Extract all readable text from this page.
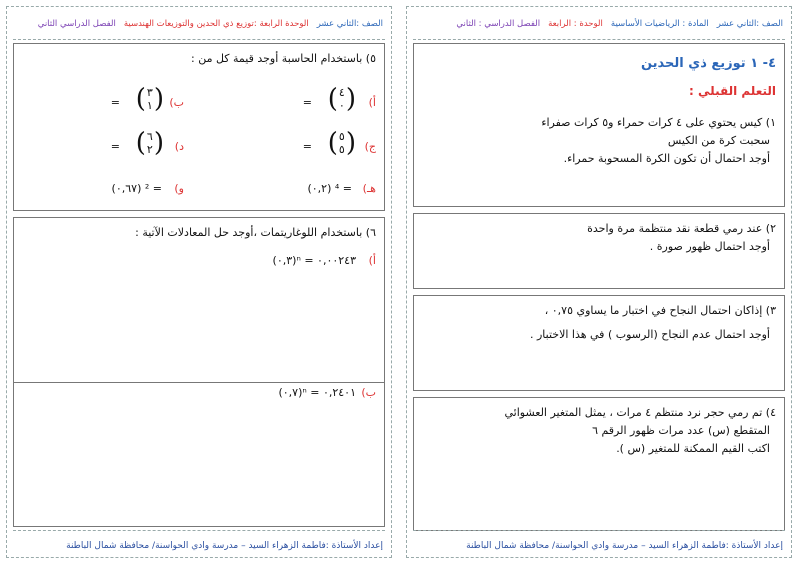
الصف :الثاني عشر
الوحدة الرابعة :توزيع ذي الحدين والتوزيعات الهندسية
الفصل الدراسي الثاني
٥) باستخدام الحاسبة أوجد قيمة كل من :
أ)
( ٤
٠ )
=
ب)
( ٣
١ )
=
ج)
( ٥
٥ )
=
د)
( ٦
٢ )
=
هـ)
(٠,٢) ⁴ =
و)
(٠,٦٧) ² =
٦) باستخدام اللوغاريتمات ،أوجد حل المعادلات الآتية :
أ)
(٠,٣)ⁿ = ٠,٠٠٢٤٣
ب)
(٠,٧)ⁿ = ٠,٢٤٠١
إعداد الأستاذة :فاطمة الزهراء السيد – مدرسة وادي الحواسنة/ محافظة شمال الباطنة
الصف :الثاني عشر
المادة : الرياضيات الأساسية
الوحدة : الرابعة
الفصل الدراسي : الثاني
٤- ١ توزيع ذي الحدين
التعلم القبلي :
١) كيس يحتوي على ٤ كرات حمراء و٥ كرات صفراء
سحبت كرة من الكيس
أوجد احتمال أن تكون الكرة المسحوبة حمراء.
٢) عند رمي قطعة نقد منتظمة مرة واحدة
أوجد احتمال ظهور صورة .
٣) إذاكان احتمال النجاح في اختبار ما يساوي ٠,٧٥ ،
أوجد احتمال عدم النجاح (الرسوب ) في هذا الاختبار .
٤) تم رمي حجر نرد منتظم ٤ مرات ، يمثل المتغير العشوائي
المتقطع (س) عدد مرات ظهور الرقم ٦
اكتب القيم الممكنة للمتغير (س ).
إعداد الأستاذة :فاطمة الزهراء السيد – مدرسة وادي الحواسنة/ محافظة شمال الباطنة
